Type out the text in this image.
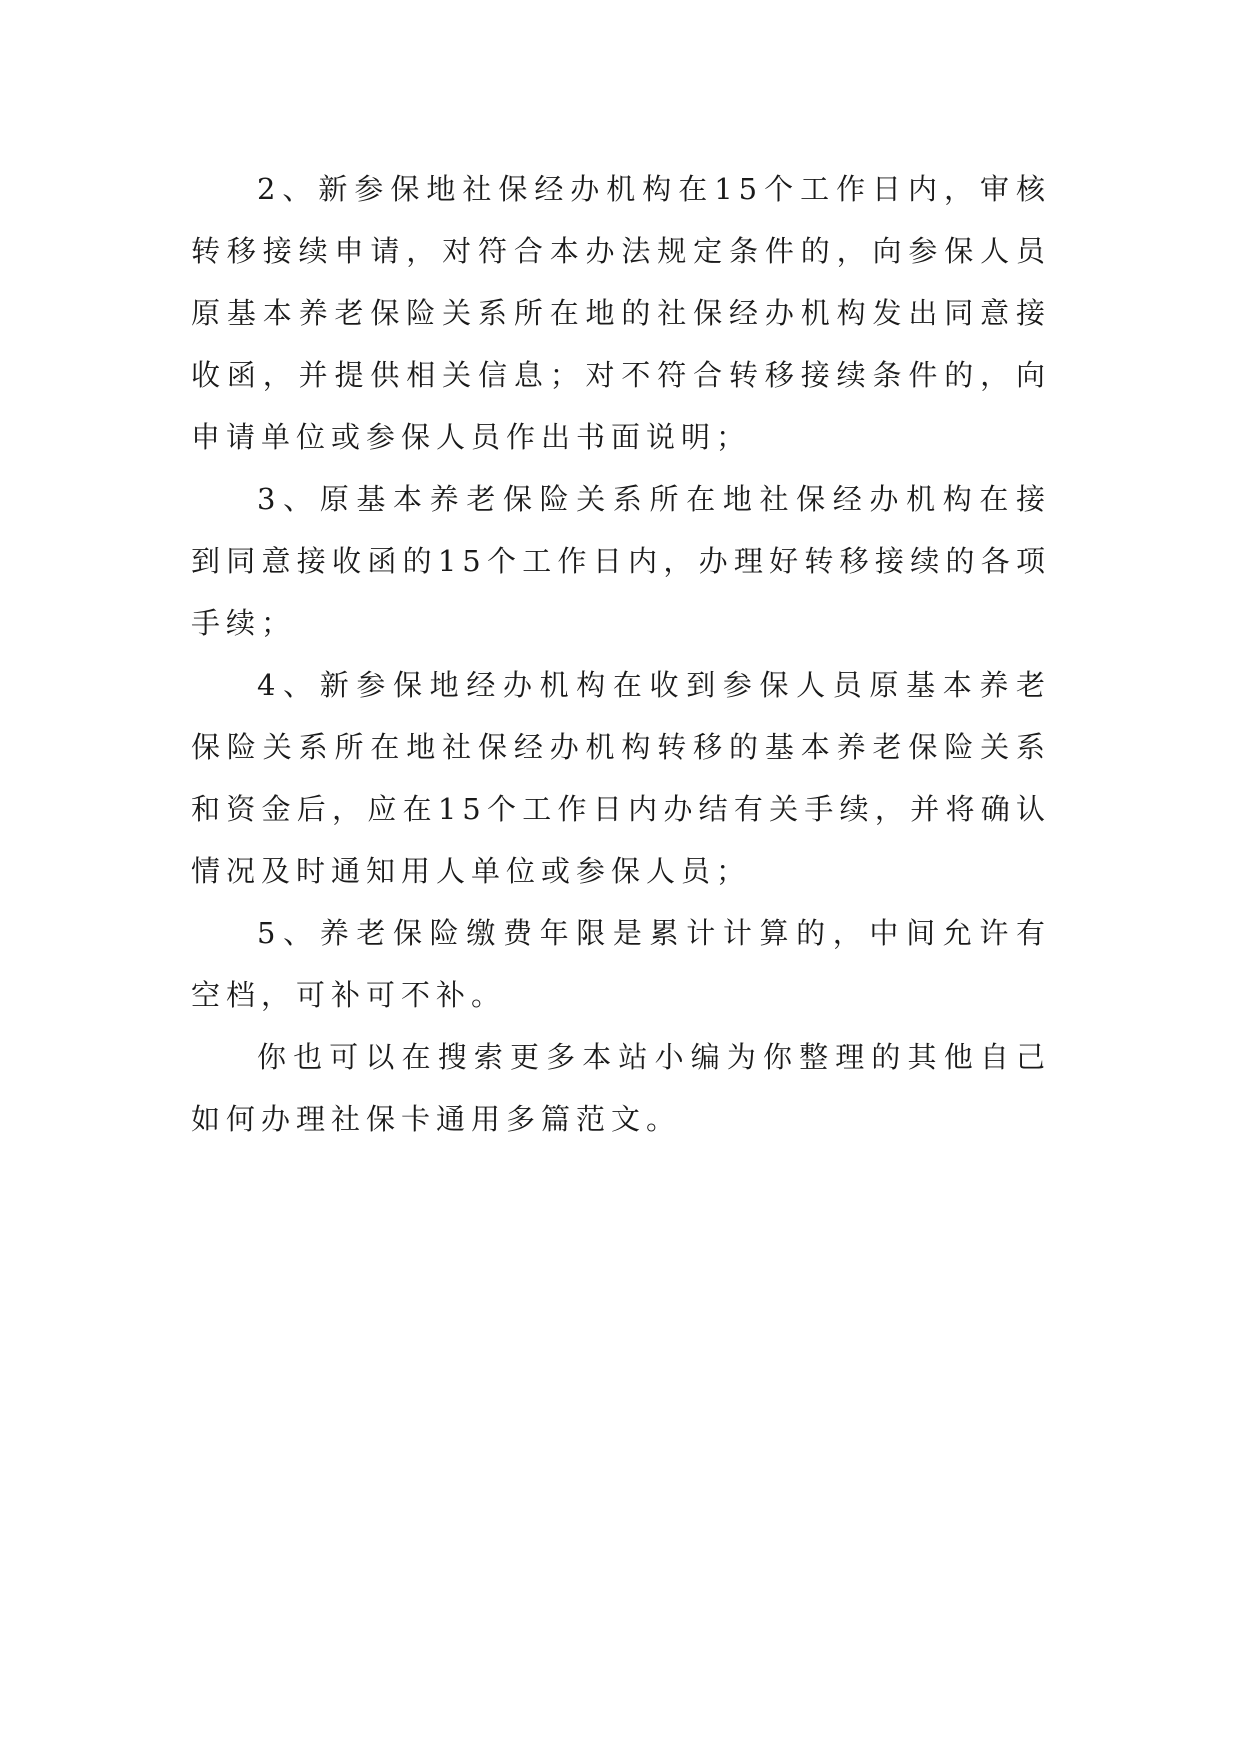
2、新参保地社保经办机构在15个工作日内，审核转移接续申请，对符合本办法规定条件的，向参保人员原基本养老保险关系所在地的社保经办机构发出同意接收函，并提供相关信息；对不符合转移接续条件的，向申请单位或参保人员作出书面说明；

3、原基本养老保险关系所在地社保经办机构在接到同意接收函的15个工作日内，办理好转移接续的各项手续；

4、新参保地经办机构在收到参保人员原基本养老保险关系所在地社保经办机构转移的基本养老保险关系和资金后，应在15个工作日内办结有关手续，并将确认情况及时通知用人单位或参保人员；

5、养老保险缴费年限是累计计算的，中间允许有空档，可补可不补。

你也可以在搜索更多本站小编为你整理的其他自己如何办理社保卡通用多篇范文。
